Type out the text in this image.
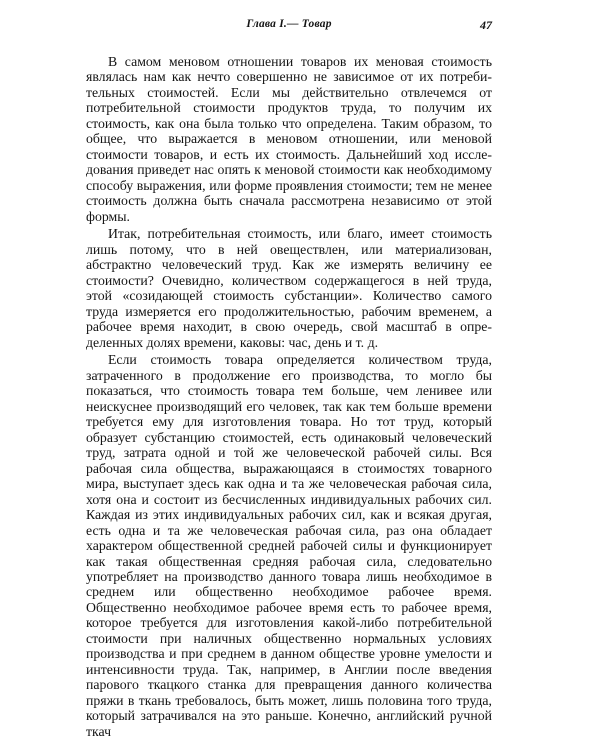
Глава I.— Товар	47

В самом меновом отношении товаров их меновая стоимость являлась нам как нечто совершенно не зависимое от их потребительных стоимостей. Если мы действительно отвлечемся от потребительной стоимости продуктов труда, то получим их стоимость, как она была только что определена. Таким образом, то общее, что выражается в меновом отношении, или меновой стоимости товаров, и есть их стоимость. Дальнейший ход исследования приведет нас опять к меновой стоимости как необходимому способу выражения, или форме проявления стоимости; тем не менее стоимость должна быть сначала рассмотрена независимо от этой формы.

Итак, потребительная стоимость, или благо, имеет стоимость лишь потому, что в ней овеществлен, или материализован, абстрактно человеческий труд. Как же измерять величину ее стоимости? Очевидно, количеством содержащегося в ней труда, этой «созидающей стоимость субстанции». Количество самого труда измеряется его продолжительностью, рабочим временем, а рабочее время находит, в свою очередь, свой масштаб в определенных долях времени, каковы: час, день и т. д.

Если стоимость товара определяется количеством труда, затраченного в продолжение его производства, то могло бы показаться, что стоимость товара тем больше, чем ленивее или неискуснее производящий его человек, так как тем больше времени требуется ему для изготовления товара. Но тот труд, который образует субстанцию стоимостей, есть одинаковый человеческий труд, затрата одной и той же человеческой рабочей силы. Вся рабочая сила общества, выражающаяся в стоимостях товарного мира, выступает здесь как одна и та же человеческая рабочая сила, хотя она и состоит из бесчисленных индивидуальных рабочих сил. Каждая из этих индивидуальных рабочих сил, как и всякая другая, есть одна и та же человеческая рабочая сила, раз она обладает характером общественной средней рабочей силы и функционирует как такая общественная средняя рабочая сила, следовательно употребляет на производство данного товара лишь необходимое в среднем или общественно необходимое рабочее время. Общественно необходимое рабочее время есть то рабочее время, которое требуется для изготовления какой-либо потребительной стоимости при наличных общественно нормальных условиях производства и при среднем в данном обществе уровне умелости и интенсивности труда. Так, например, в Англии после введения парового ткацкого станка для превращения данного количества пряжи в ткань требовалось, быть может, лишь половина того труда, который затрачивался на это раньше. Конечно, английский ручной ткач
